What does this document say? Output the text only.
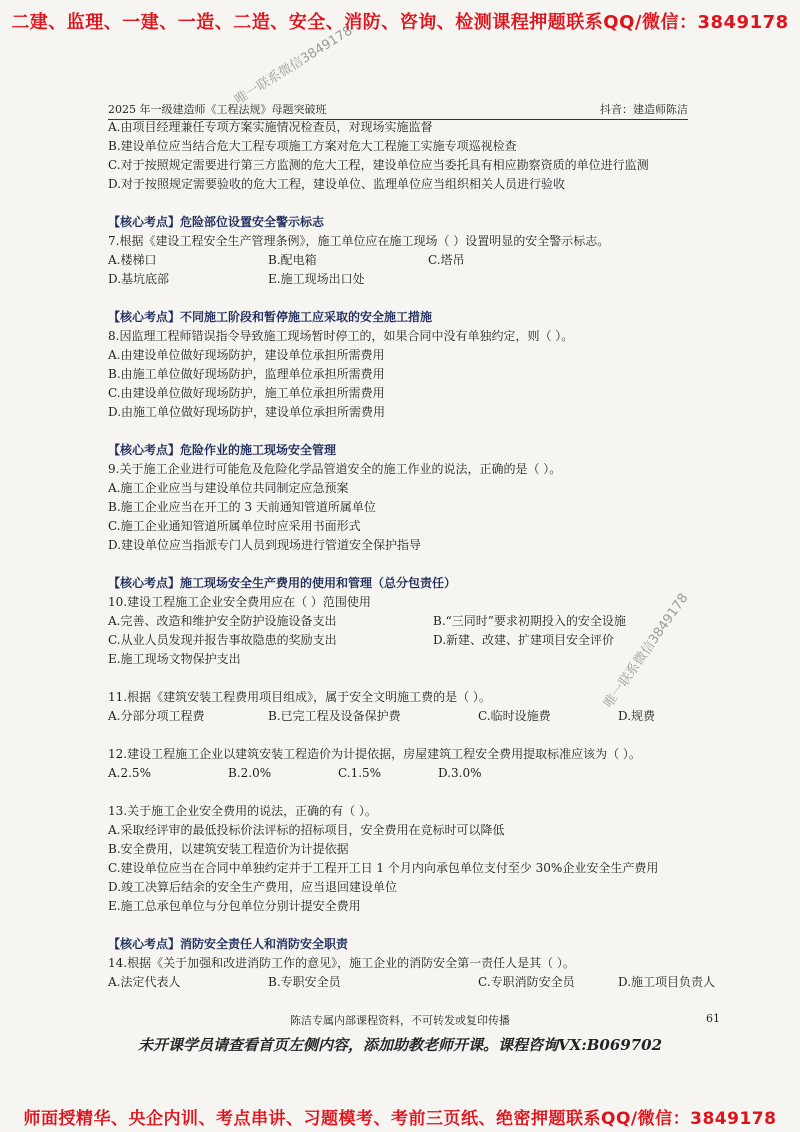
二建、监理、一建、一造、二造、安全、消防、咨询、检测课程押题联系QQ/微信：3849178
唯一联系微信3849178
唯一联系微信3849178
2025 年一级建造师《工程法规》母题突破班	抖音：建造师陈洁
A.由项目经理兼任专项方案实施情况检查员，对现场实施监督
B.建设单位应当结合危大工程专项施工方案对危大工程施工实施专项巡视检查
C.对于按照规定需要进行第三方监测的危大工程，建设单位应当委托具有相应勘察资质的单位进行监测
D.对于按照规定需要验收的危大工程，建设单位、监理单位应当组织相关人员进行验收
【核心考点】危险部位设置安全警示标志
7.根据《建设工程安全生产管理条例》，施工单位应在施工现场（ ）设置明显的安全警示标志。
A.楼梯口	B.配电箱	C.塔吊
D.基坑底部	E.施工现场出口处
【核心考点】不同施工阶段和暂停施工应采取的安全施工措施
8.因监理工程师错误指令导致施工现场暂时停工的，如果合同中没有单独约定，则（ ）。
A.由建设单位做好现场防护，建设单位承担所需费用
B.由施工单位做好现场防护，监理单位承担所需费用
C.由建设单位做好现场防护，施工单位承担所需费用
D.由施工单位做好现场防护，建设单位承担所需费用
【核心考点】危险作业的施工现场安全管理
9.关于施工企业进行可能危及危险化学品管道安全的施工作业的说法，正确的是（ ）。
A.施工企业应当与建设单位共同制定应急预案
B.施工企业应当在开工的 3 天前通知管道所属单位
C.施工企业通知管道所属单位时应采用书面形式
D.建设单位应当指派专门人员到现场进行管道安全保护指导
【核心考点】施工现场安全生产费用的使用和管理（总分包责任）
10.建设工程施工企业安全费用应在（ ）范围使用
A.完善、改造和维护安全防护设施设备支出	B.“三同时”要求初期投入的安全设施
C.从业人员发现并报告事故隐患的奖励支出	D.新建、改建、扩建项目安全评价
E.施工现场文物保护支出
11.根据《建筑安装工程费用项目组成》，属于安全文明施工费的是（ ）。
A.分部分项工程费	B.已完工程及设备保护费	C.临时设施费	D.规费
12.建设工程施工企业以建筑安装工程造价为计提依据，房屋建筑工程安全费用提取标准应该为（ ）。
A.2.5%	B.2.0%	C.1.5%	D.3.0%
13.关于施工企业安全费用的说法，正确的有（ ）。
A.采取经评审的最低投标价法评标的招标项目，安全费用在竞标时可以降低
B.安全费用，以建筑安装工程造价为计提依据
C.建设单位应当在合同中单独约定并于工程开工日 1 个月内向承包单位支付至少 30%企业安全生产费用
D.竣工决算后结余的安全生产费用，应当退回建设单位
E.施工总承包单位与分包单位分别计提安全费用
【核心考点】消防安全责任人和消防安全职责
14.根据《关于加强和改进消防工作的意见》，施工企业的消防安全第一责任人是其（ ）。
A.法定代表人	B.专职安全员	C.专职消防安全员	D.施工项目负责人
陈洁专属内部课程资料，不可转发或复印传播	61
未开课学员请查看首页左侧内容，添加助教老师开课。课程咨询VX:B069702
师面授精华、央企内训、考点串讲、习题模考、考前三页纸、绝密押题联系QQ/微信：3849178
